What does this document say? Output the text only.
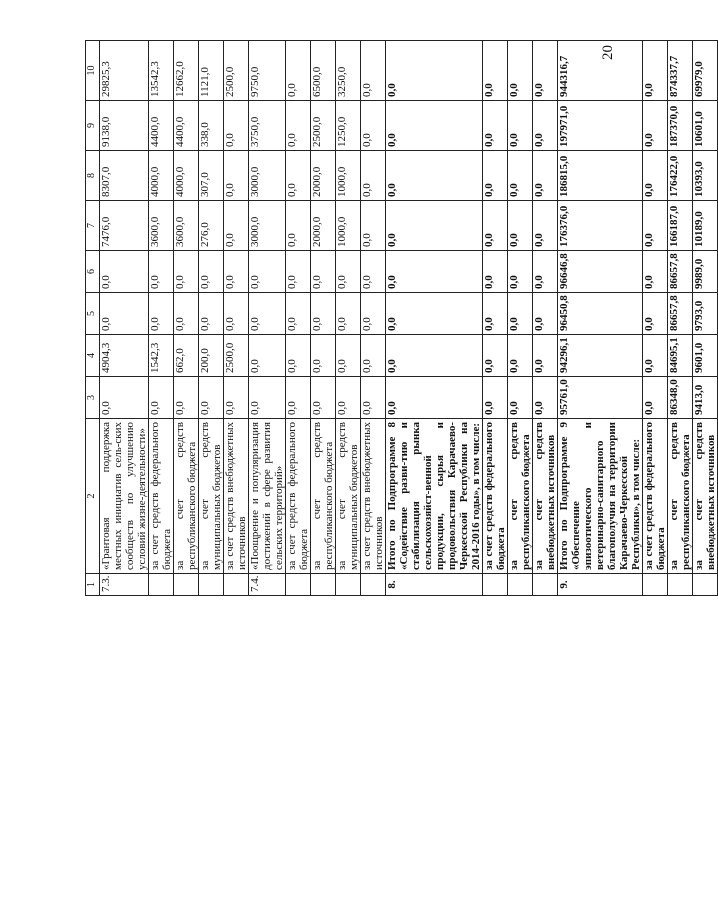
20
1	2	3	4	5	6	7	8	9	10
7.3.	«Грантовая поддержка местных инициатив сель-ских сообществ по улучшению условий жизне-деятельности»	0,0	4904,3	0,0	0,0	7476,0	8307,0	9138,0	29825,3
	за счет средств федерального бюджета	0,0	1542,3	0,0	0,0	3600,0	4000,0	4400,0	13542,3
	за счет средств республиканского бюджета	0,0	662,0	0,0	0,0	3600,0	4000,0	4400,0	12662,0
	за счет средств муниципальных бюджетов	0,0	200,0	0,0	0,0	276,0	307,0	338,0	1121,0
	за счет средств внебюджетных источников	0,0	2500,0	0,0	0,0	0,0	0,0	0,0	2500,0
7.4.	«Поощрение и популяризация достижений в сфере развития сельских территорий»	0,0	0,0	0,0	0,0	3000,0	3000,0	3750,0	9750,0
	за счет средств федерального бюджета	0,0	0,0	0,0	0,0	0,0	0,0	0,0	0,0
	за счет средств республиканского бюджета	0,0	0,0	0,0	0,0	2000,0	2000,0	2500,0	6500,0
	за счет средств муниципальных бюджетов	0,0	0,0	0,0	0,0	1000,0	1000,0	1250,0	3250,0
	за счет средств внебюджетных источников	0,0	0,0	0,0	0,0	0,0	0,0	0,0	0,0
8.	Итого по Подпрограмме 8 «Содействие разви-тию и стабилизация рынка сельскохозяйст-венной продукции, сырья и продовольствия Карачаево-Черкесской Республики на 2014-2016 годы», в том числе:	0,0	0,0	0,0	0,0	0,0	0,0	0,0	0,0
	за счет средств федерального бюджета	0,0	0,0	0,0	0,0	0,0	0,0	0,0	0,0
	за счет средств республиканского бюджета	0,0	0,0	0,0	0,0	0,0	0,0	0,0	0,0
	за счет средств внебюджетных источников	0,0	0,0	0,0	0,0	0,0	0,0	0,0	0,0
9.	Итого по Подпрограмме 9 «Обеспечение эпизоотического и ветеринарно-санитарного благополучия на территории Карачаево-Черкесской Республики», в том числе:	95761,0	94296,1	96450,8	96646,8	176376,0	186815,0	197971,0	944316,7
	за счет средств федерального бюджета	0,0	0,0	0,0	0,0	0,0	0,0	0,0	0,0
	за счет средств республиканского бюджета	86348,0	84695,1	86657,8	86657,8	166187,0	176422,0	187370,0	874337,7
	за счет средств внебюджетных источников	9413,0	9601,0	9793,0	9989,0	10189,0	10393,0	10601,0	69979,0
